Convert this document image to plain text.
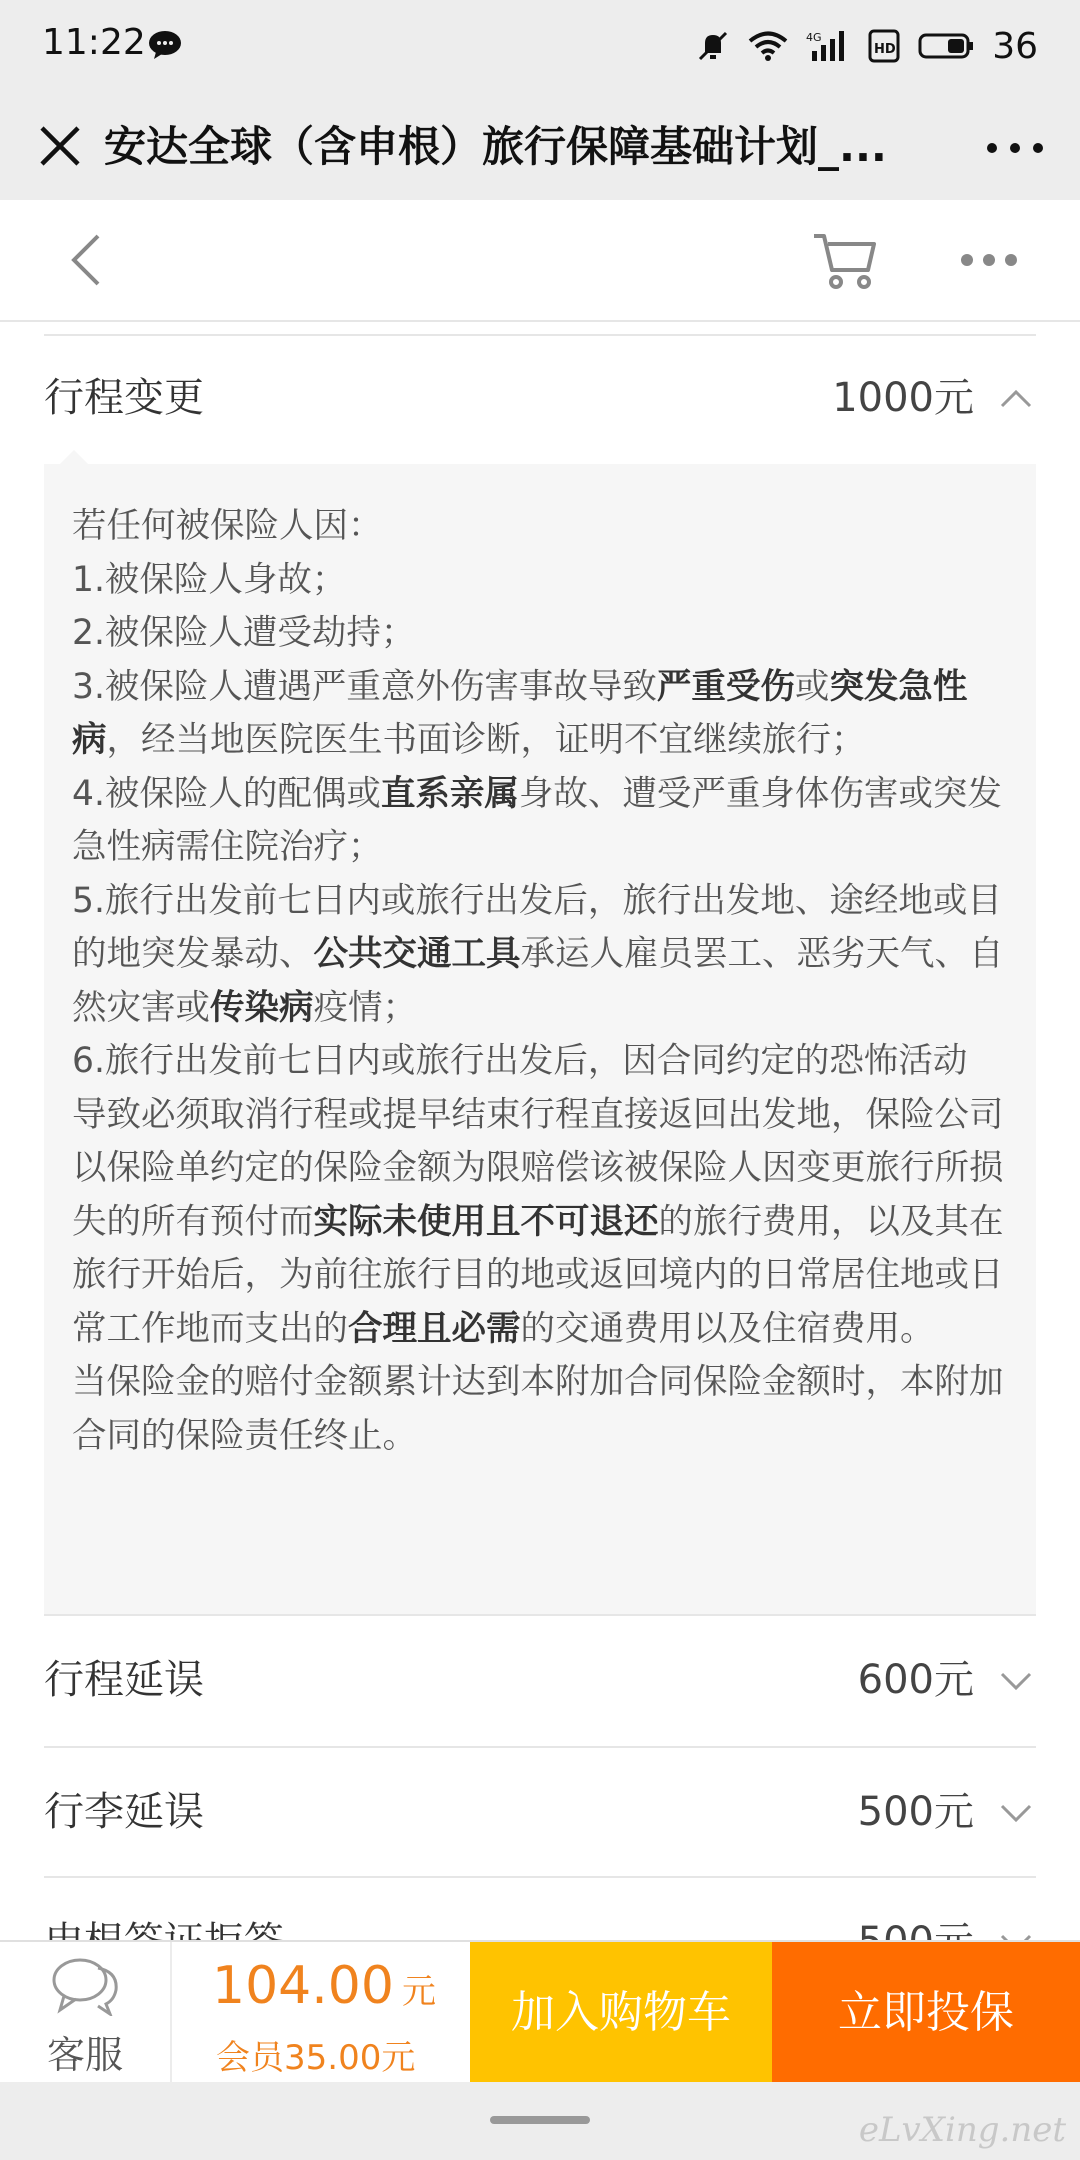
11:22	4G
HD	36
安达全球（含申根）旅行保障基础计划_...
行程变更	1000元

若任何被保险人因：

1.被保险人身故；

2.被保险人遭受劫持；

3.被保险人遭遇严重意外伤害事故导致严重受伤或突发急性病，经当地医院医生书面诊断，证明不宜继续旅行；

4.被保险人的配偶或直系亲属身故、遭受严重身体伤害或突发急性病需住院治疗；

5.旅行出发前七日内或旅行出发后，旅行出发地、途经地或目的地突发暴动、公共交通工具承运人雇员罢工、恶劣天气、自然灾害或传染病疫情；

6.旅行出发前七日内或旅行出发后，因合同约定的恐怖活动

导致必须取消行程或提早结束行程直接返回出发地，保险公司以保险单约定的保险金额为限赔偿该被保险人因变更旅行所损失的所有预付而实际未使用且不可退还的旅行费用，以及其在旅行开始后，为前往旅行目的地或返回境内的日常居住地或日常工作地而支出的合理且必需的交通费用以及住宿费用。

当保险金的赔付金额累计达到本附加合同保险金额时，本附加合同的保险责任终止。

行程延误	600元
行李延误	500元
客服
104.00 元
会员35.00元
加入购物车	立即投保
eLvXing.net
